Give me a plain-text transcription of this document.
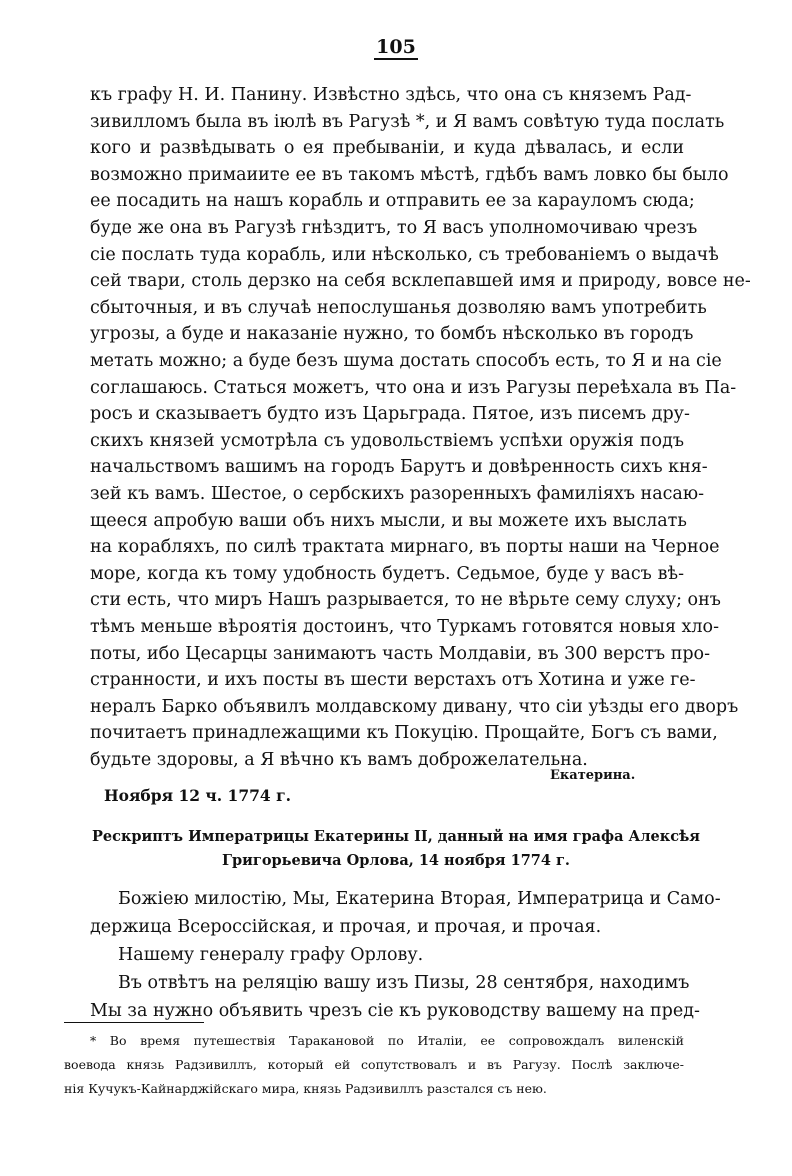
105
къ графу Н. И. Панину. Извѣстно здѣсь, что она съ княземъ Рад-
зивилломъ была въ іюлѣ въ Рагузѣ *, и Я вамъ совѣтую туда послать
кого и развѣдывать о ея пребываніи, и куда дѣвалась, и если
возможно примаиите ее въ такомъ мѣстѣ, гдѣбъ вамъ ловко бы было
ее посадить на нашъ корабль и отправить ее за карауломъ сюда;
буде же она въ Рагузѣ гнѣздитъ, то Я васъ уполномочиваю чрезъ
сіе послать туда корабль, или нѣсколько, съ требованіемъ о выдачѣ
сей твари, столь дерзко на себя всклепавшей имя и природу, вовсе не-
сбыточныя, и въ случаѣ непослушанья дозволяю вамъ употребить
угрозы, а буде и наказаніе нужно, то бомбъ нѣсколько въ городъ
метать можно; а буде безъ шума достать способъ есть, то Я и на сіе
соглашаюсь. Статься можетъ, что она и изъ Рагузы переѣхала въ Па-
росъ и сказываетъ будто изъ Царьграда. Пятое, изъ писемъ дру-
скихъ князей усмотрѣла съ удовольствіемъ успѣхи оружія подъ
начальствомъ вашимъ на городъ Барутъ и довѣренность сихъ кня-
зей къ вамъ. Шестое, о сербскихъ разоренныхъ фамиліяхъ насаю-
щееся апробую ваши объ нихъ мысли, и вы можете ихъ выслать
на корабляхъ, по силѣ трактата мирнаго, въ порты наши на Черное
море, когда къ тому удобность будетъ. Седьмое, буде у васъ вѣ-
сти есть, что миръ Нашъ разрывается, то не вѣрьте сему слуху; онъ
тѣмъ меньше вѣроятія достоинъ, что Туркамъ готовятся новыя хло-
поты, ибо Цесарцы занимаютъ часть Молдавіи, въ 300 верстъ про-
странности, и ихъ посты въ шести верстахъ отъ Хотина и уже ге-
нералъ Барко объявилъ молдавскому дивану, что сіи уѣзды его дворъ
почитаетъ принадлежащими къ Покуцію. Прощайте, Богъ съ вами,
будьте здоровы, а Я вѣчно къ вамъ доброжелательна.
Екатерина.
Ноября 12 ч. 1774 г.
Рескриптъ Императрицы Екатерины II, данный на имя графа Алексѣя
Григорьевича Орлова, 14 ноября 1774 г.
Божіею милостію, Мы, Екатерина Вторая, Императрица и Само-
держица Всероссійская, и прочая, и прочая, и прочая.
Нашему генералу графу Орлову.
Въ отвѣтъ на реляцію вашу изъ Пизы, 28 сентября, находимъ
Мы за нужно объявить чрезъ сіе къ руководству вашему на пред-
* Во время путешествія Таракановой по Италіи, ее сопровождалъ виленскій
воевода князь Радзивиллъ, который ей сопутствовалъ и въ Рагузу. Послѣ заключе-
нія Кучукъ-Кайнарджійскаго мира, князь Радзивиллъ разстался съ нею.
